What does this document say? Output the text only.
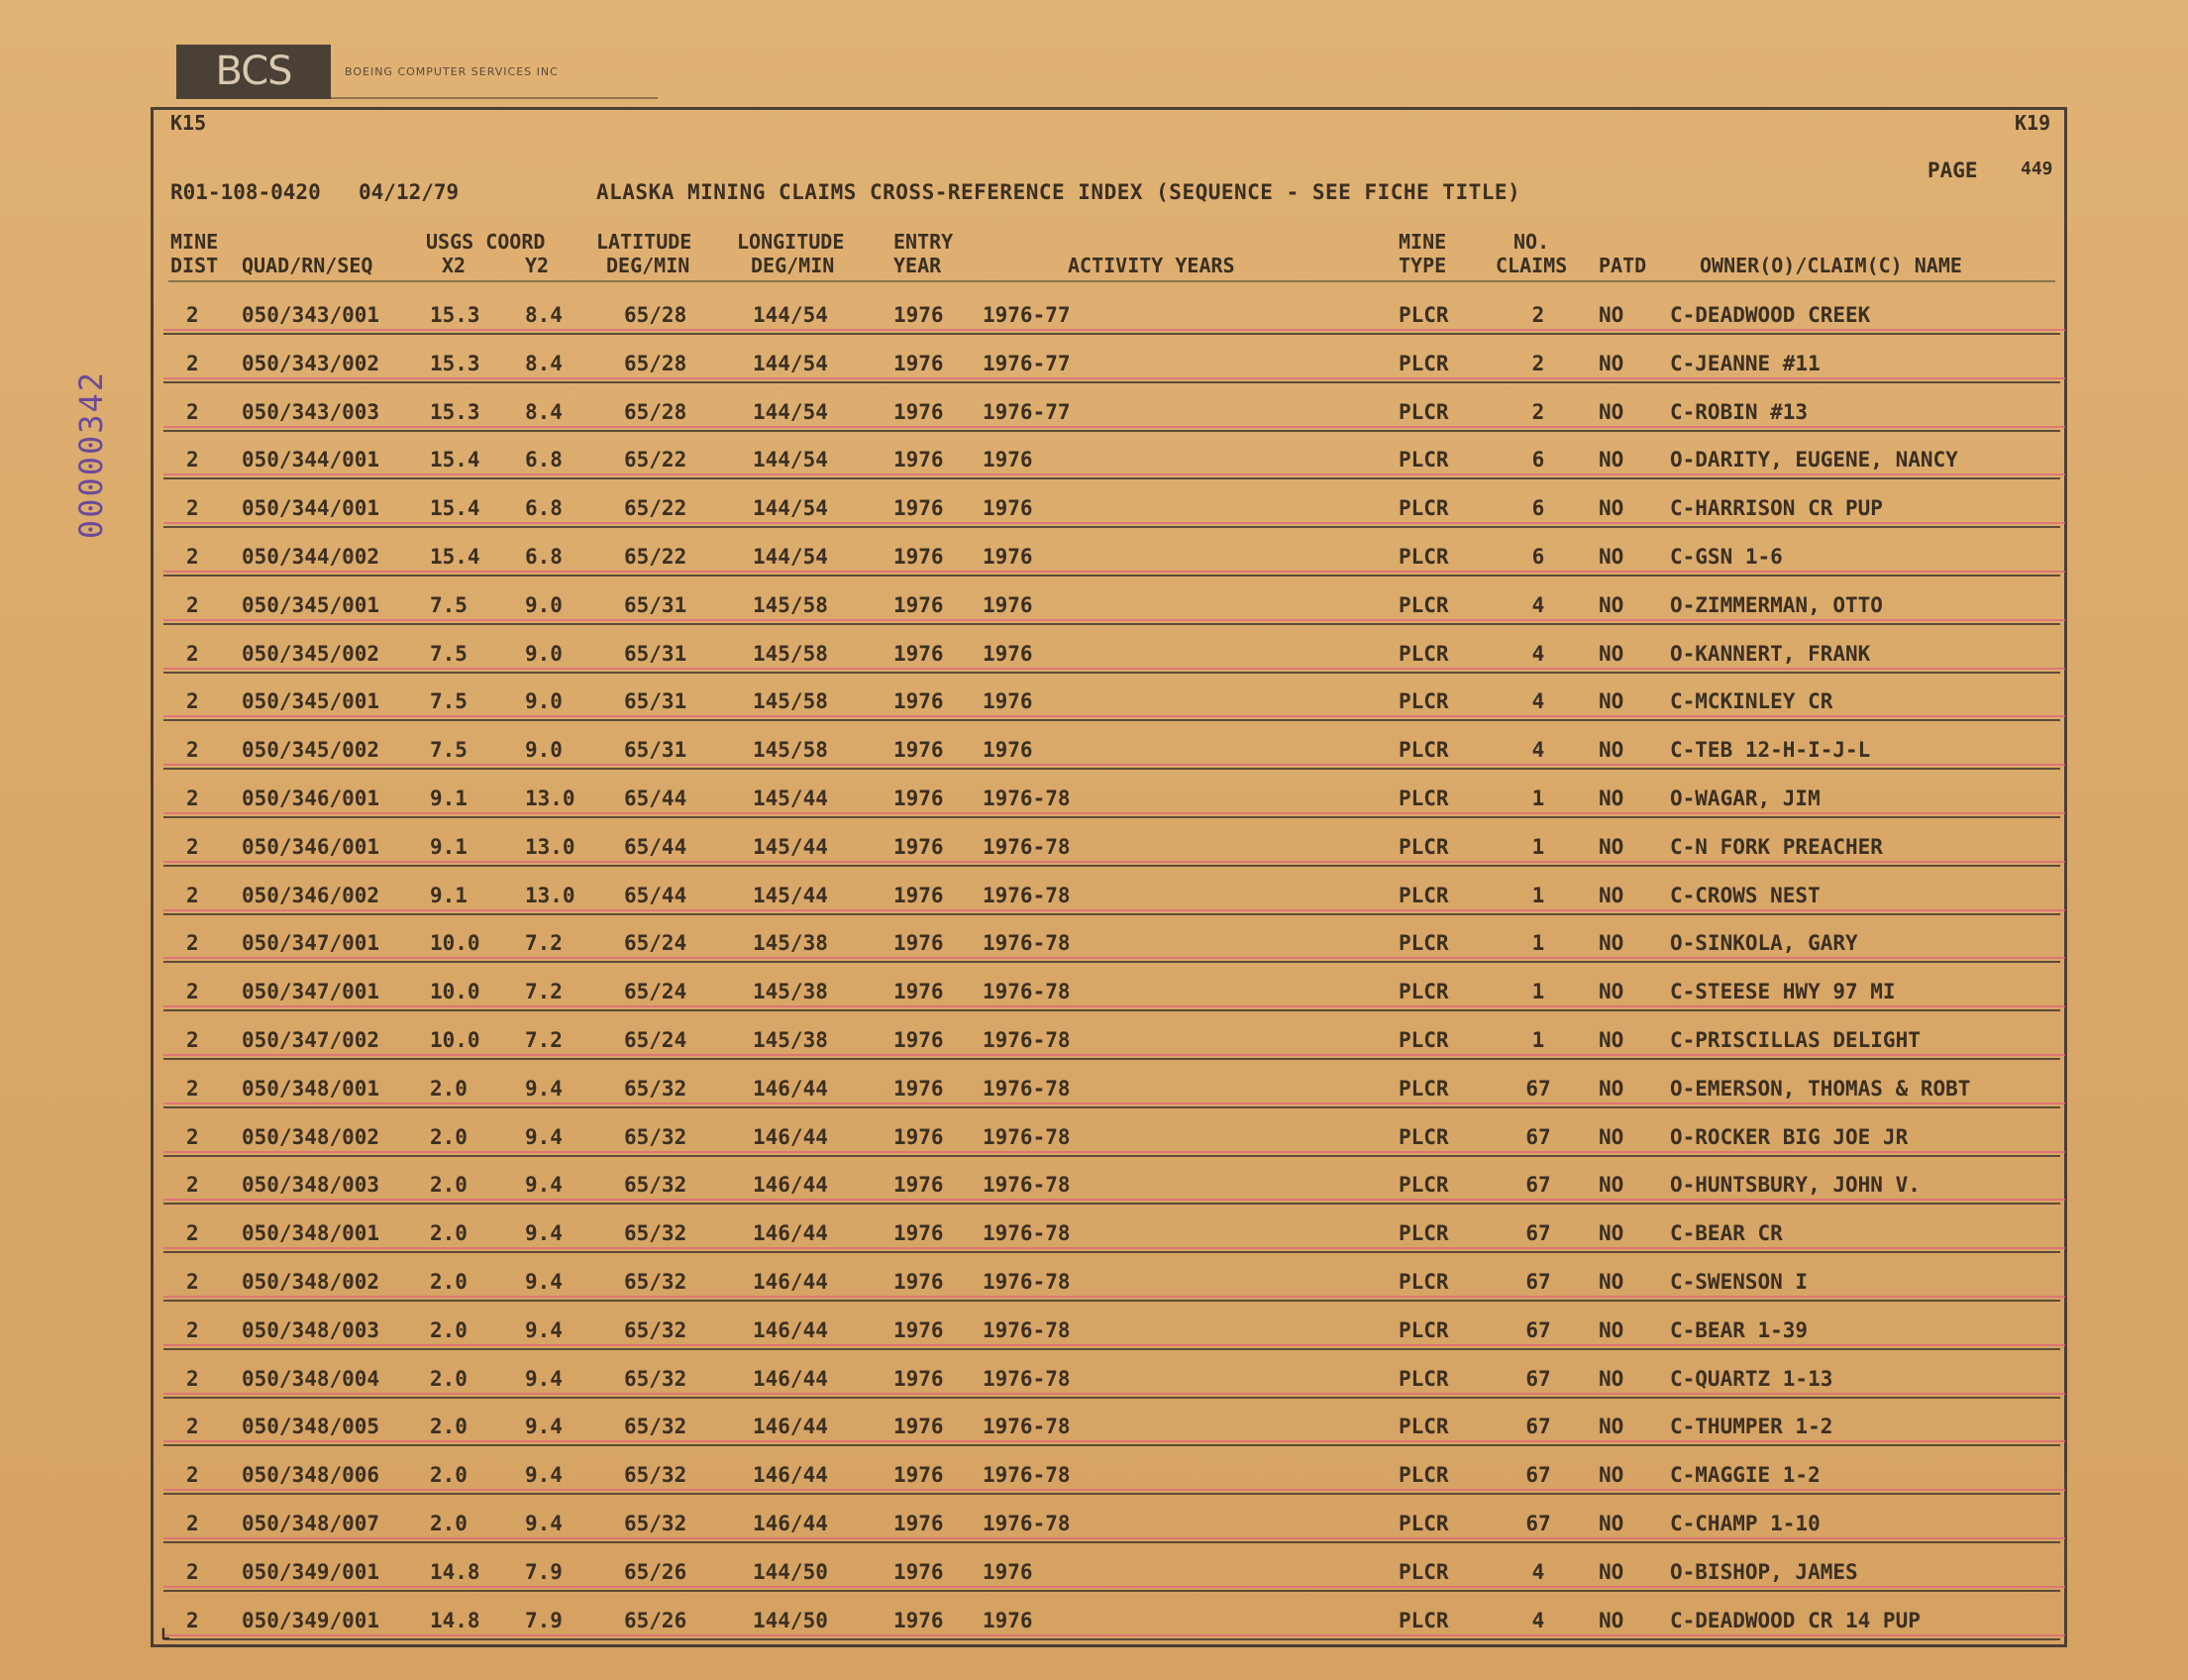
BCS	BOEING COMPUTER SERVICES INC
K15	K19
PAGE 449
R01-108-0420 04/12/79	ALASKA MINING CLAIMS CROSS-REFERENCE INDEX (SEQUENCE - SEE FICHE TITLE)
00000342
MINE
DIST QUAD/RN/SEQ
USGS COORD
X2	Y2
LATITUDE
DEG/MIN
LONGITUDE
DEG/MIN
ENTRY
YEAR	ACTIVITY YEARS
MINE
TYPE
NO.
CLAIMS PATD	OWNER(O)/CLAIM(C) NAME
2 050/343/001 15.3 8.4	65/28	144/54	1976 1976-77	PLCR	2	NO C-DEADWOOD CREEK
2 050/343/002 15.3 8.4	65/28	144/54	1976 1976-77	PLCR	2	NO C-JEANNE #11
2 050/343/003 15.3 8.4	65/28	144/54	1976 1976-77	PLCR	2	NO C-ROBIN #13
2 050/344/001 15.4 6.8	65/22	144/54	1976 1976	PLCR	6	NO O-DARITY, EUGENE, NANCY
2 050/344/001 15.4 6.8	65/22	144/54	1976 1976	PLCR	6	NO C-HARRISON CR PUP
2 050/344/002 15.4 6.8	65/22	144/54	1976 1976	PLCR	6	NO C-GSN 1-6
2 050/345/001 7.5	9.0	65/31	145/58	1976 1976	PLCR	4	NO O-ZIMMERMAN, OTTO
2 050/345/002 7.5	9.0	65/31	145/58	1976 1976	PLCR	4	NO O-KANNERT, FRANK
2 050/345/001 7.5	9.0	65/31	145/58	1976 1976	PLCR	4	NO C-MCKINLEY CR
2 050/345/002 7.5	9.0	65/31	145/58	1976 1976	PLCR	4	NO C-TEB 12-H-I-J-L
2 050/346/001 9.1	13.0 65/44	145/44	1976 1976-78	PLCR	1	NO O-WAGAR, JIM
2 050/346/001 9.1	13.0 65/44	145/44	1976 1976-78	PLCR	1	NO C-N FORK PREACHER
2 050/346/002 9.1	13.0 65/44	145/44	1976 1976-78	PLCR	1	NO C-CROWS NEST
2 050/347/001 10.0 7.2	65/24	145/38	1976 1976-78	PLCR	1	NO O-SINKOLA, GARY
2 050/347/001 10.0 7.2	65/24	145/38	1976 1976-78	PLCR	1	NO C-STEESE HWY 97 MI
2 050/347/002 10.0 7.2	65/24	145/38	1976 1976-78	PLCR	1	NO C-PRISCILLAS DELIGHT
2 050/348/001 2.0	9.4	65/32	146/44	1976 1976-78	PLCR	67	NO O-EMERSON, THOMAS & ROBT
2 050/348/002 2.0	9.4	65/32	146/44	1976 1976-78	PLCR	67	NO O-ROCKER BIG JOE JR
2 050/348/003 2.0	9.4	65/32	146/44	1976 1976-78	PLCR	67	NO O-HUNTSBURY, JOHN V.
2 050/348/001 2.0	9.4	65/32	146/44	1976 1976-78	PLCR	67	NO C-BEAR CR
2 050/348/002 2.0	9.4	65/32	146/44	1976 1976-78	PLCR	67	NO C-SWENSON I
2 050/348/003 2.0	9.4	65/32	146/44	1976 1976-78	PLCR	67	NO C-BEAR 1-39
2 050/348/004 2.0	9.4	65/32	146/44	1976 1976-78	PLCR	67	NO C-QUARTZ 1-13
2 050/348/005 2.0	9.4	65/32	146/44	1976 1976-78	PLCR	67	NO C-THUMPER 1-2
2 050/348/006 2.0	9.4	65/32	146/44	1976 1976-78	PLCR	67	NO C-MAGGIE 1-2
2 050/348/007 2.0	9.4	65/32	146/44	1976 1976-78	PLCR	67	NO C-CHAMP 1-10
2 050/349/001 14.8 7.9	65/26	144/50	1976 1976	PLCR	4	NO O-BISHOP, JAMES
2 050/349/001 14.8 7.9	65/26	144/50	1976 1976	PLCR	4	NO C-DEADWOOD CR 14 PUP
L
